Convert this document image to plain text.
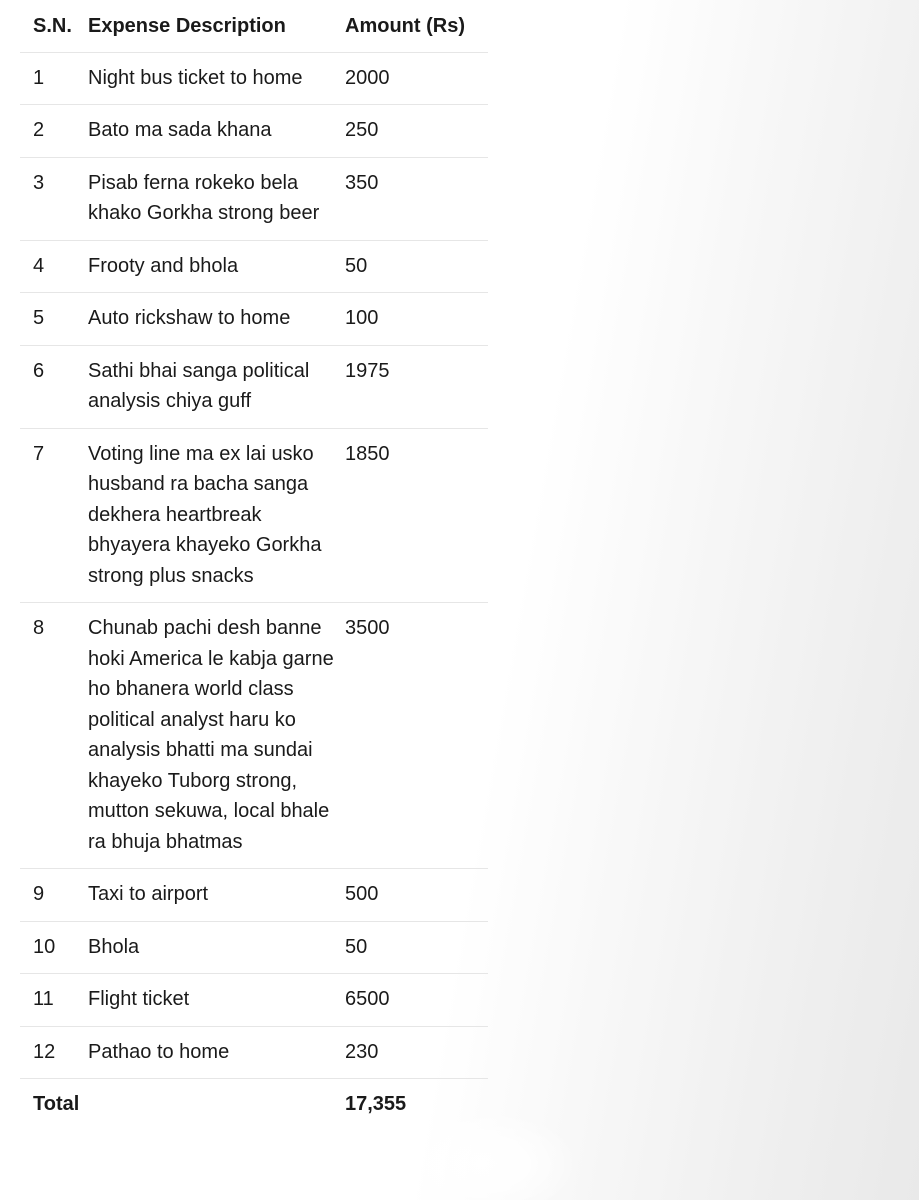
S.N.	Expense Description	Amount (Rs)
1	Night bus ticket to home	2000
2	Bato ma sada khana	250
3	Pisab ferna rokeko bela khako Gorkha strong beer	350
4	Frooty and bhola	50
5	Auto rickshaw to home	100
6	Sathi bhai sanga political analysis chiya guff	1975
7	Voting line ma ex lai usko husband ra bacha sanga dekhera heartbreak bhyayera khayeko Gorkha strong plus snacks	1850
8	Chunab pachi desh banne hoki America le kabja garne ho bhanera world class political analyst haru ko analysis bhatti ma sundai khayeko Tuborg strong, mutton sekuwa, local bhale ra bhuja bhatmas	3500
9	Taxi to airport	500
10	Bhola	50
11	Flight ticket	6500
12	Pathao to home	230
Total		17,355
